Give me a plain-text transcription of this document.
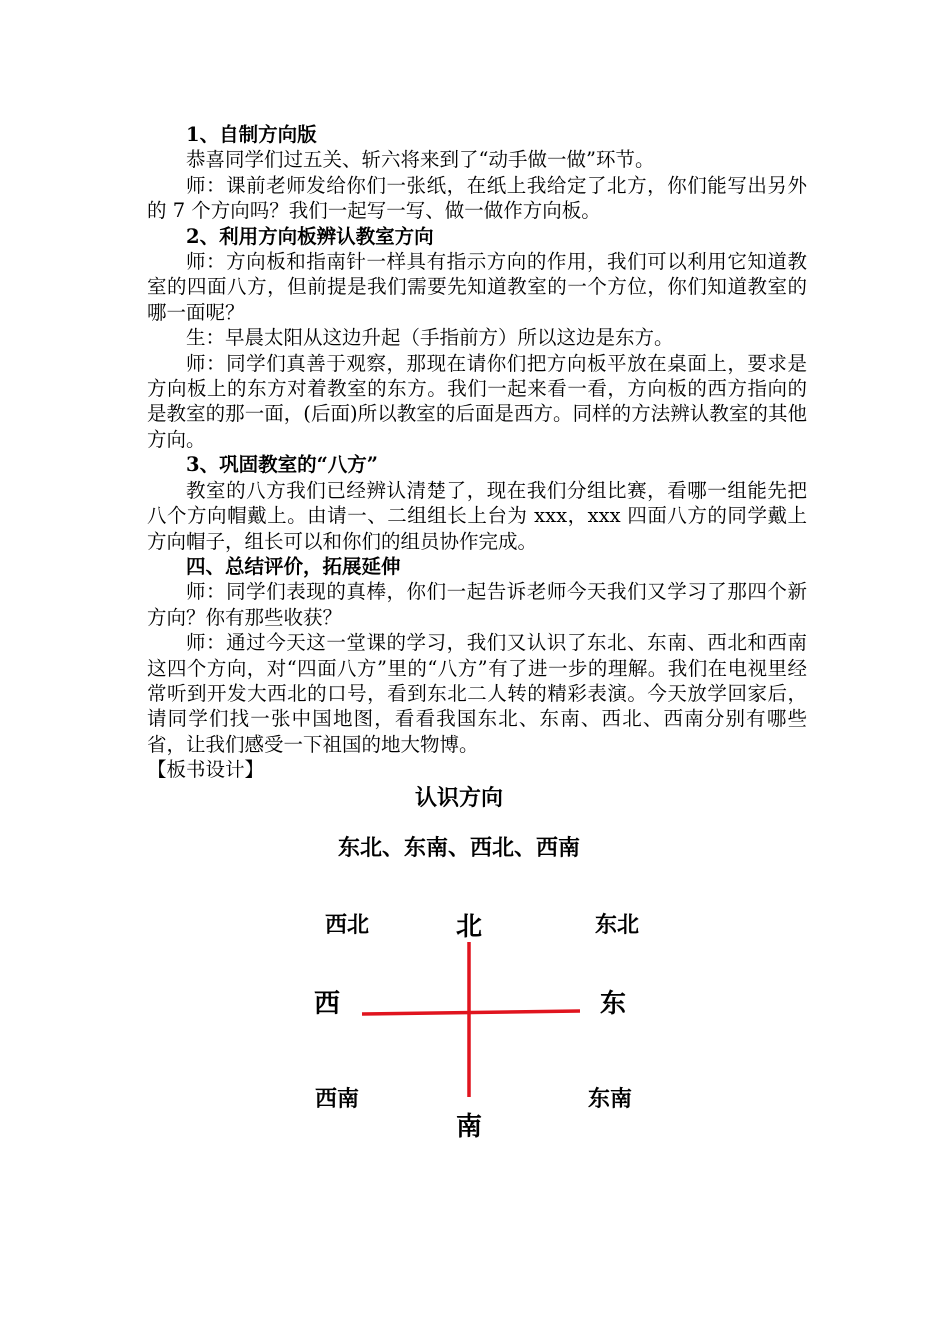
1、自制方向版

恭喜同学们过五关、斩六将来到了“动手做一做”环节。

师：课前老师发给你们一张纸，在纸上我给定了北方，你们能写出另外的 7 个方向吗？我们一起写一写、做一做作方向板。

2、利用方向板辨认教室方向

师：方向板和指南针一样具有指示方向的作用，我们可以利用它知道教室的四面八方，但前提是我们需要先知道教室的一个方位，你们知道教室的哪一面呢？

生：早晨太阳从这边升起（手指前方）所以这边是东方。

师：同学们真善于观察，那现在请你们把方向板平放在桌面上，要求是方向板上的东方对着教室的东方。我们一起来看一看，方向板的西方指向的是教室的那一面，(后面)所以教室的后面是西方。同样的方法辨认教室的其他方向。

3、巩固教室的“八方”

教室的八方我们已经辨认清楚了，现在我们分组比赛，看哪一组能先把八个方向帽戴上。由请一、二组组长上台为 xxx，xxx 四面八方的同学戴上方向帽子，组长可以和你们的组员协作完成。

四、总结评价，拓展延伸

师：同学们表现的真棒，你们一起告诉老师今天我们又学习了那四个新方向？你有那些收获？

师：通过今天这一堂课的学习，我们又认识了东北、东南、西北和西南这四个方向，对“四面八方”里的“八方”有了进一步的理解。我们在电视里经常听到开发大西北的口号，看到东北二人转的精彩表演。今天放学回家后，请同学们找一张中国地图，看看我国东北、东南、西北、西南分别有哪些省，让我们感受一下祖国的地大物博。

【板书设计】

认识方向
东北、东南、西北、西南
西北	北	东北
西	东
西南	东南
南
